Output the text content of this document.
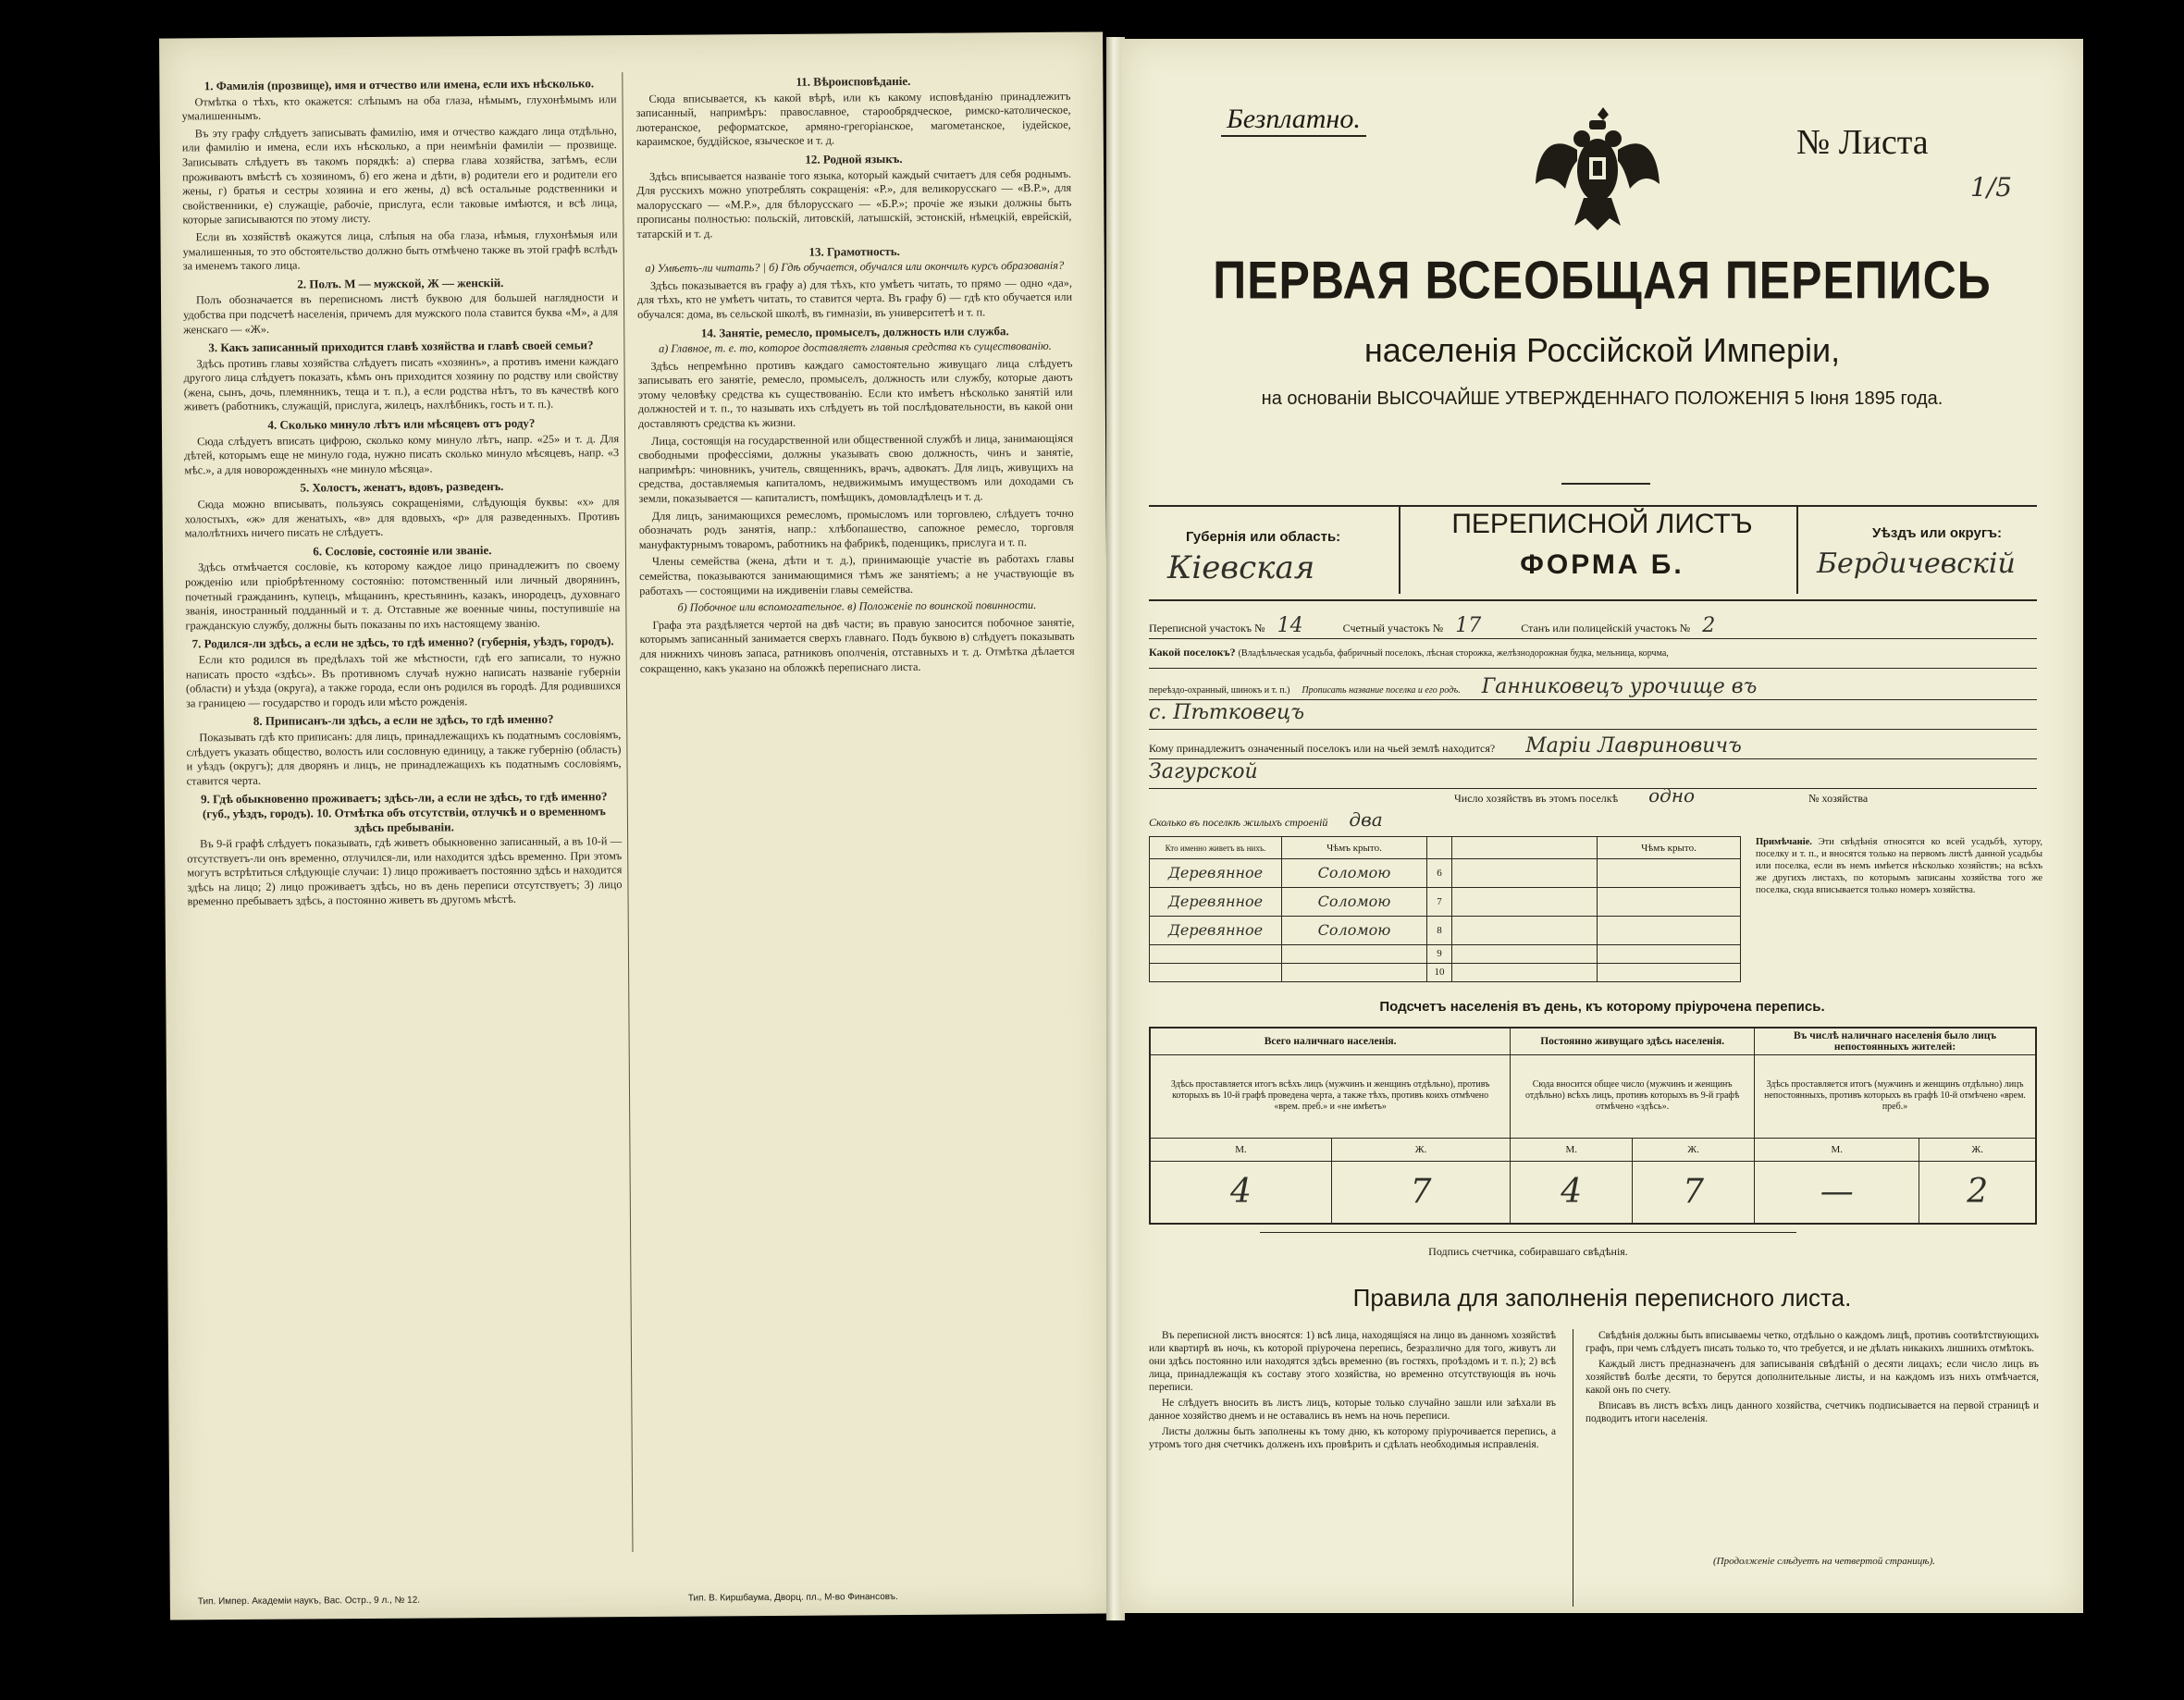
1. Фамилія (прозвище), имя и отчество или имена, если ихъ нѣсколько.

Отмѣтка о тѣхъ, кто окажется: слѣпымъ на оба глаза, нѣмымъ, глухонѣмымъ или умалишеннымъ.

Въ эту графу слѣдуетъ записывать фамилію, имя и отчество каждаго лица отдѣльно, или фамилію и имена, если ихъ нѣсколько, а при неимѣніи фамиліи — прозвище. Записывать слѣдуетъ въ такомъ порядкѣ: а) сперва глава хозяйства, затѣмъ, если проживаютъ вмѣстѣ съ хозяиномъ, б) его жена и дѣти, в) родители его и родители его жены, г) братья и сестры хозяина и его жены, д) всѣ остальные родственники и свойственники, е) служащіе, рабочіе, прислуга, если таковые имѣются, и всѣ лица, которые записываются по этому листу.

Если въ хозяйствѣ окажутся лица, слѣпыя на оба глаза, нѣмыя, глухонѣмыя или умалишенныя, то это обстоятельство должно быть отмѣчено также въ этой графѣ вслѣдъ за именемъ такого лица.

2. Полъ. М — мужской, Ж — женскій.

Полъ обозначается въ переписномъ листѣ буквою для большей наглядности и удобства при подсчетѣ населенія, причемъ для мужского пола ставится буква «М», а для женскаго — «Ж».

3. Какъ записанный приходится главѣ хозяйства и главѣ своей семьи?

Здѣсь противъ главы хозяйства слѣдуетъ писать «хозяинъ», а противъ имени каждаго другого лица слѣдуетъ показать, кѣмъ онъ приходится хозяину по родству или свойству (жена, сынъ, дочь, племянникъ, теща и т. п.), а если родства нѣтъ, то въ качествѣ кого живетъ (работникъ, служащій, прислуга, жилецъ, нахлѣбникъ, гость и т. п.).

4. Сколько минуло лѣтъ или мѣсяцевъ отъ роду?

Сюда слѣдуетъ вписать цифрою, сколько кому минуло лѣтъ, напр. «25» и т. д. Для дѣтей, которымъ еще не минуло года, нужно писать сколько минуло мѣсяцевъ, напр. «3 мѣс.», а для новорожденныхъ «не минуло мѣсяца».

5. Холостъ, женатъ, вдовъ, разведенъ.

Сюда можно вписывать, пользуясь сокращеніями, слѣдующія буквы: «х» для холостыхъ, «ж» для женатыхъ, «в» для вдовыхъ, «р» для разведенныхъ. Противъ малолѣтнихъ ничего писать не слѣдуетъ.

6. Сословіе, состояніе или званіе.

Здѣсь отмѣчается сословіе, къ которому каждое лицо принадлежитъ по своему рожденію или пріобрѣтенному состоянію: потомственный или личный дворянинъ, почетный гражданинъ, купецъ, мѣщанинъ, крестьянинъ, казакъ, инородецъ, духовнаго званія, иностранный подданный и т. д. Отставные же военные чины, поступившіе на гражданскую службу, должны быть показаны по ихъ настоящему званію.

7. Родился-ли здѣсь, а если не здѣсь, то гдѣ именно? (губернія, уѣздъ, городъ).

Если кто родился въ предѣлахъ той же мѣстности, гдѣ его записали, то нужно написать просто «здѣсь». Въ противномъ случаѣ нужно написать названіе губерніи (области) и уѣзда (округа), а также города, если онъ родился въ городѣ. Для родившихся за границею — государство и городъ или мѣсто рожденія.

8. Приписанъ-ли здѣсь, а если не здѣсь, то гдѣ именно?

Показывать гдѣ кто приписанъ: для лицъ, принадлежащихъ къ податнымъ сословіямъ, слѣдуетъ указать общество, волость или сословную единицу, а также губернію (область) и уѣздъ (округъ); для дворянъ и лицъ, не принадлежащихъ къ податнымъ сословіямъ, ставится черта.

9. Гдѣ обыкновенно проживаетъ; здѣсь-ли, а если не здѣсь, то гдѣ именно? (губ., уѣздъ, городъ). 10. Отмѣтка объ отсутствіи, отлучкѣ и о временномъ здѣсь пребываніи.

Въ 9-й графѣ слѣдуетъ показывать, гдѣ живетъ обыкновенно записанный, а въ 10-й — отсутствуетъ-ли онъ временно, отлучился-ли, или находится здѣсь временно. При этомъ могутъ встрѣтиться слѣдующіе случаи: 1) лицо проживаетъ постоянно здѣсь и находится здѣсь на лицо; 2) лицо проживаетъ здѣсь, но въ день переписи отсутствуетъ; 3) лицо временно пребываетъ здѣсь, а постоянно живетъ въ другомъ мѣстѣ.

11. Вѣроисповѣданіе.

Сюда вписывается, къ какой вѣрѣ, или къ какому исповѣданію принадлежитъ записанный, напримѣръ: православное, старообрядческое, римско-католическое, лютеранское, реформатское, армяно-грегоріанское, магометанское, іудейское, караимское, буддійское, языческое и т. д.

12. Родной языкъ.

Здѣсь вписывается названіе того языка, который каждый считаетъ для себя роднымъ. Для русскихъ можно употреблять сокращенія: «Р.», для великорусскаго — «В.Р.», для малорусскаго — «М.Р.», для бѣлорусскаго — «Б.Р.»; прочіе же языки должны быть прописаны полностью: польскій, литовскій, латышскій, эстонскій, нѣмецкій, еврейскій, татарскій и т. д.

13. Грамотность.

а) Умѣетъ-ли читать? | б) Гдѣ обучается, обучался или окончилъ курсъ образованія?

Здѣсь показывается въ графу а) для тѣхъ, кто умѣетъ читать, то прямо — одно «да», для тѣхъ, кто не умѣетъ читать, то ставится черта. Въ графу б) — гдѣ кто обучается или обучался: дома, въ сельской школѣ, въ гимназіи, въ университетѣ и т. п.

14. Занятіе, ремесло, промыселъ, должность или служба.

а) Главное, т. е. то, которое доставляетъ главныя средства къ существованію.

Здѣсь непремѣнно противъ каждаго самостоятельно живущаго лица слѣдуетъ записывать его занятіе, ремесло, промыселъ, должность или службу, которые даютъ этому человѣку средства къ существованію. Если кто имѣетъ нѣсколько занятій или должностей и т. п., то называть ихъ слѣдуетъ въ той послѣдовательности, въ какой они доставляютъ средства къ жизни.

Лица, состоящія на государственной или общественной службѣ и лица, занимающіяся свободными профессіями, должны указывать свою должность, чинъ и занятіе, напримѣръ: чиновникъ, учитель, священникъ, врачъ, адвокатъ. Для лицъ, живущихъ на средства, доставляемыя капиталомъ, недвижимымъ имуществомъ или доходами съ земли, показывается — капиталистъ, помѣщикъ, домовладѣлецъ и т. д.

Для лицъ, занимающихся ремесломъ, промысломъ или торговлею, слѣдуетъ точно обозначать родъ занятія, напр.: хлѣбопашество, сапожное ремесло, торговля мануфактурнымъ товаромъ, работникъ на фабрикѣ, поденщикъ, прислуга и т. п.

Члены семейства (жена, дѣти и т. д.), принимающіе участіе въ работахъ главы семейства, показываются занимающимися тѣмъ же занятіемъ; а не участвующіе въ работахъ — состоящими на иждивеніи главы семейства.

б) Побочное или вспомогательное. в) Положеніе по воинской повинности.

Графа эта раздѣляется чертой на двѣ части; въ правую заносится побочное занятіе, которымъ записанный занимается сверхъ главнаго. Подъ буквою в) слѣдуетъ показывать для нижнихъ чиновъ запаса, ратниковъ ополченія, отставныхъ и т. д. Отмѣтка дѣлается сокращенно, какъ указано на обложкѣ переписнаго листа.

Тип. Импер. Академіи наукъ, Вас. Остр., 9 л., № 12.	Тип. В. Киршбаума, Дворц. пл., М-во Финансовъ.
Безплатно.
№ Листа
1/5
ПЕРВАЯ ВСЕОБЩАЯ ПЕРЕПИСЬ
населенія Россійской Имперіи,
на основаніи ВЫСОЧАЙШЕ УТВЕРЖДЕННАГО ПОЛОЖЕНІЯ 5 Іюня 1895 года.
Губернія или область:
Кіевская
ПЕРЕПИСНОЙ ЛИСТЪ
ФОРМА Б.
Уѣздъ или округъ:
Бердичевскій
Переписной участокъ № 14	Счетный участокъ № 17	Станъ или полицейскій участокъ № 2
Какой поселокъ? (Владѣльческая усадьба, фабричный поселокъ, лѣсная сторожка, желѣзнодорожная будка, мельница, корчма,
переѣздо-охранный, шинокъ и т. п.) Прописать название поселка и его родъ. Ганниковецъ урочище въ
с. Пѣтковецъ
Кому принадлежитъ означенный поселокъ или на чьей землѣ находится? Маріи Лавриновичъ
Загурской
Число хозяйствъ въ этомъ поселкѣ одно	№ хозяйства
Сколько въ поселкѣ жилыхъ строеній два
Кто именно живетъ въ нихъ.	Чѣмъ крыто.			Чѣмъ крыто.
Деревянное	Соломою	6		
Деревянное	Соломою	7		
Деревянное	Соломою	8		
		9		
		10		
Примѣчаніе. Эти свѣдѣнія относятся ко всей усадьбѣ, хутору, поселку и т. п., и вносятся только на первомъ листѣ данной усадьбы или поселка, если въ немъ имѣется нѣсколько хозяйствъ; на всѣхъ же другихъ листахъ, по которымъ записаны хозяйства того же поселка, сюда вписывается только номеръ хозяйства.
Подсчетъ населенія въ день, къ которому пріурочена перепись.
Всего наличнаго населенія.		Постоянно живущаго здѣсь населенія.		Въ числѣ наличнаго населенія было лицъ непостоянныхъ жителей:	
Здѣсь проставляется итогъ всѣхъ лицъ (мужчинъ и женщинъ отдѣльно), противъ которыхъ въ 10-й графѣ проведена черта, а также тѣхъ, противъ коихъ отмѣчено «врем. преб.» и «не имѣетъ»		Сюда вносится общее число (мужчинъ и женщинъ отдѣльно) всѣхъ лицъ, противъ которыхъ въ 9-й графѣ отмѣчено «здѣсь».		Здѣсь проставляется итогъ (мужчинъ и женщинъ отдѣльно) лицъ непостоянныхъ, противъ которыхъ въ графѣ 10-й отмѣчено «врем. преб.»	
М.	Ж.	М.	Ж.	М.	Ж.
4	7	4	7	—	2
Подпись счетчика, собиравшаго свѣдѣнія.
Правила для заполненія переписного листа.

Въ переписной листъ вносятся: 1) всѣ лица, находящіяся на лицо въ данномъ хозяйствѣ или квартирѣ въ ночь, къ которой пріурочена перепись, безразлично для того, живутъ ли они здѣсь постоянно или находятся здѣсь временно (въ гостяхъ, проѣздомъ и т. п.); 2) всѣ лица, принадлежащія къ составу этого хозяйства, но временно отсутствующія въ ночь переписи.

Не слѣдуетъ вносить въ листъ лицъ, которые только случайно зашли или заѣхали въ данное хозяйство днемъ и не оставались въ немъ на ночь переписи.

Листы должны быть заполнены къ тому дню, къ которому пріурочивается перепись, а утромъ того дня счетчикъ долженъ ихъ провѣрить и сдѣлать необходимыя исправленія.

Свѣдѣнія должны быть вписываемы четко, отдѣльно о каждомъ лицѣ, противъ соотвѣтствующихъ графъ, при чемъ слѣдуетъ писать только то, что требуется, и не дѣлать никакихъ лишнихъ отмѣтокъ.

Каждый листъ предназначенъ для записыванія свѣдѣній о десяти лицахъ; если число лицъ въ хозяйствѣ болѣе десяти, то берутся дополнительные листы, и на каждомъ изъ нихъ отмѣчается, какой онъ по счету.

Вписавъ въ листъ всѣхъ лицъ данного хозяйства, счетчикъ подписывается на первой страницѣ и подводитъ итоги населенія.

(Продолженіе слѣдуетъ на четвертой страницѣ).
